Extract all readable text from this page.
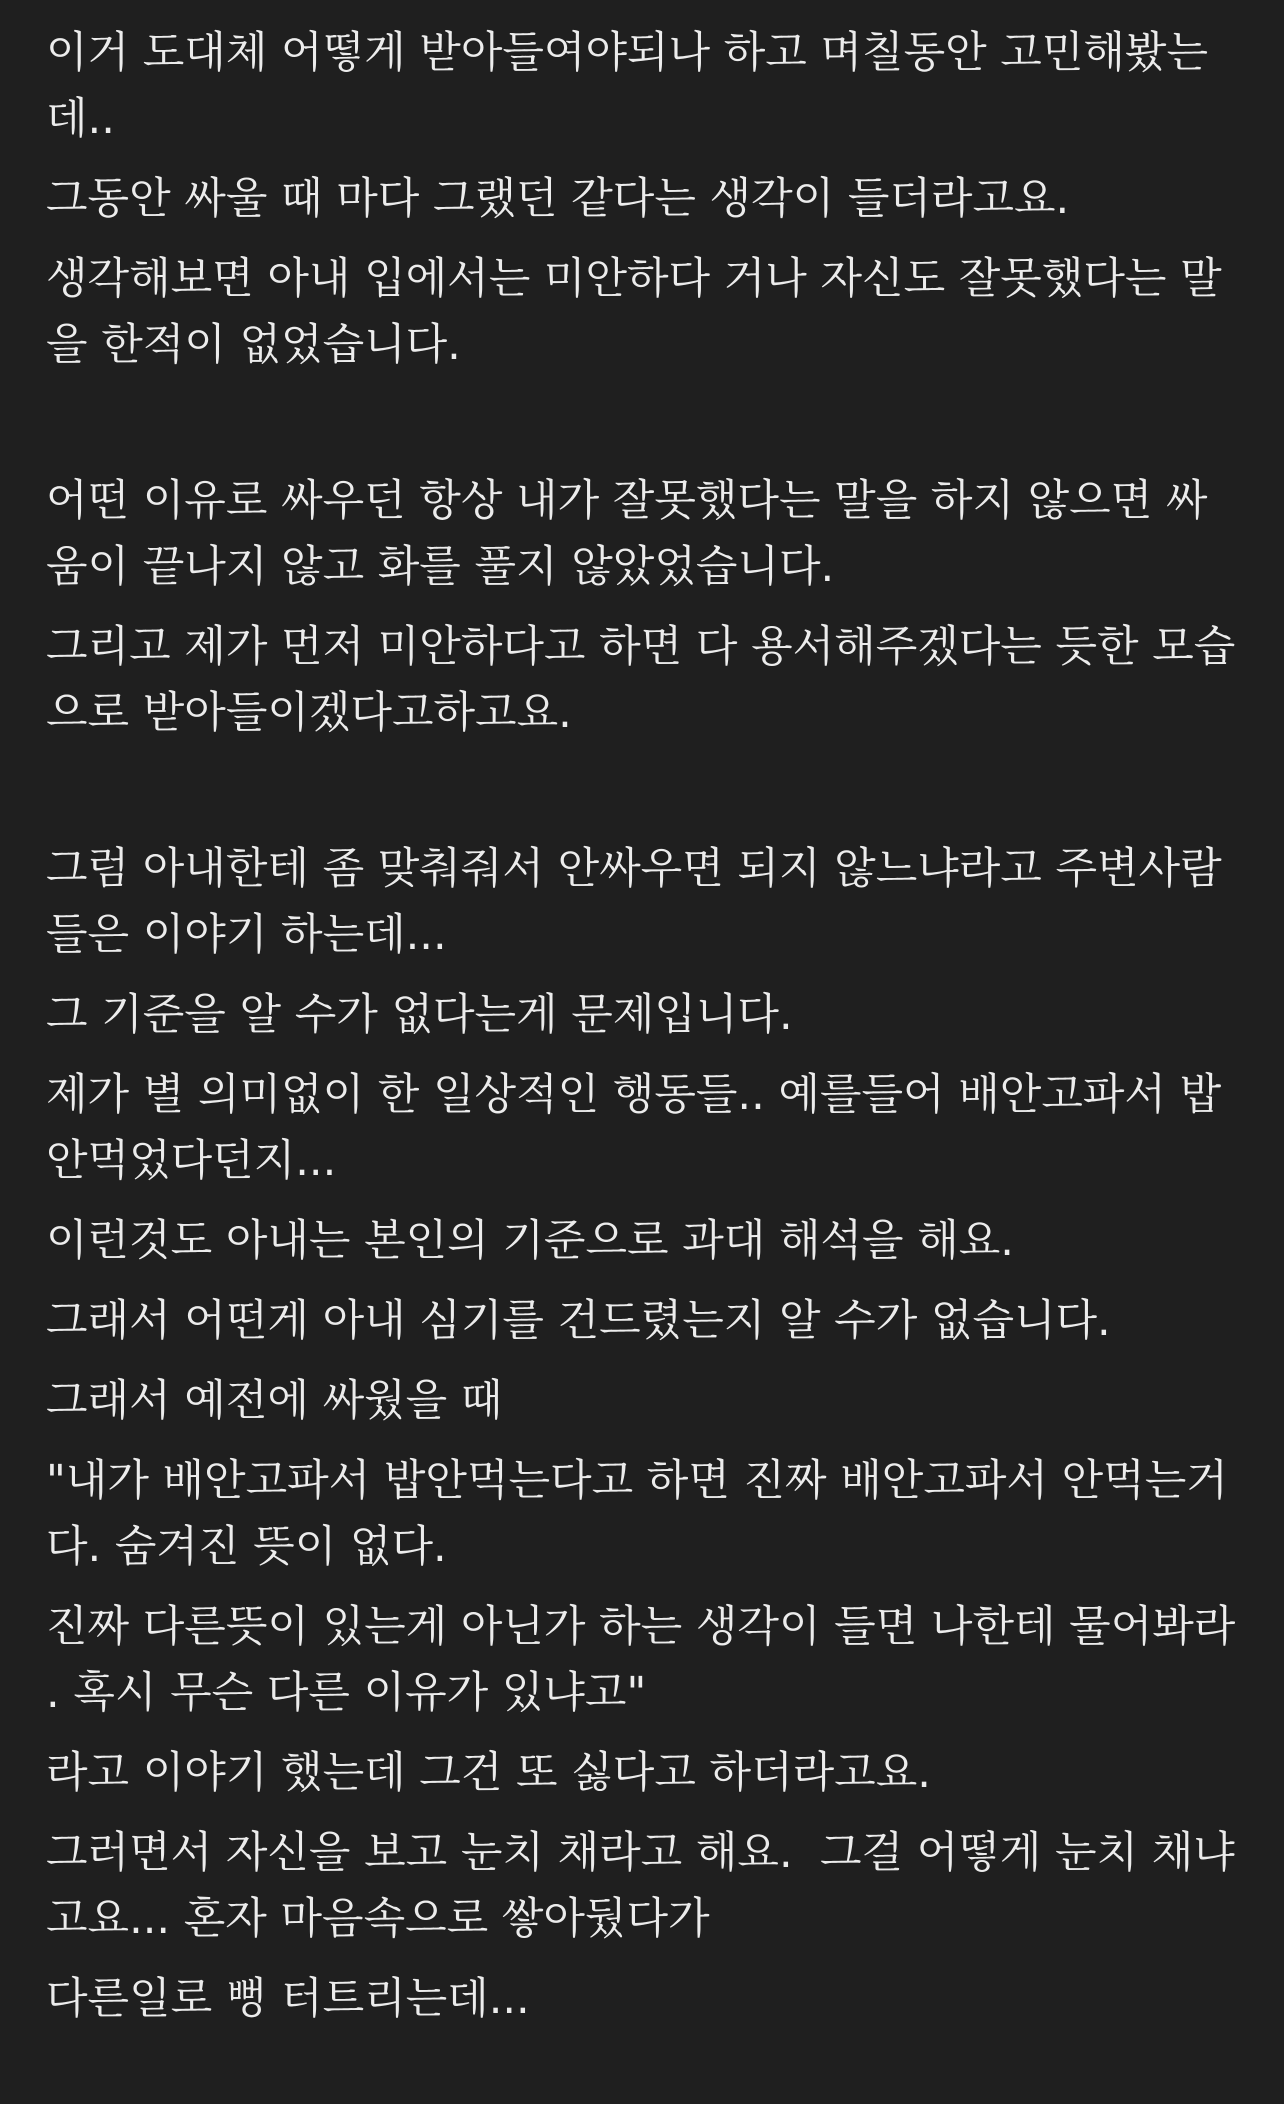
이거 도대체 어떻게 받아들여야되나 하고 며칠동안 고민해봤는
데..

그동안 싸울 때 마다 그랬던 같다는 생각이 들더라고요.

생각해보면 아내 입에서는 미안하다 거나 자신도 잘못했다는 말
을 한적이 없었습니다.

어떤 이유로 싸우던 항상 내가 잘못했다는 말을 하지 않으면 싸
움이 끝나지 않고 화를 풀지 않았었습니다.

그리고 제가 먼저 미안하다고 하면 다 용서해주겠다는 듯한 모습
으로 받아들이겠다고하고요.

그럼 아내한테 좀 맞춰줘서 안싸우면 되지 않느냐라고 주변사람
들은 이야기 하는데...

그 기준을 알 수가 없다는게 문제입니다.

제가 별 의미없이 한 일상적인 행동들.. 예를들어 배안고파서 밥
안먹었다던지...

이런것도 아내는 본인의 기준으로 과대 해석을 해요.

그래서 어떤게 아내 심기를 건드렸는지 알 수가 없습니다.

그래서 예전에 싸웠을 때

"내가 배안고파서 밥안먹는다고 하면 진짜 배안고파서 안먹는거
다. 숨겨진 뜻이 없다.

진짜 다른뜻이 있는게 아닌가 하는 생각이 들면 나한테 물어봐라
. 혹시 무슨 다른 이유가 있냐고"

라고 이야기 했는데 그건 또 싫다고 하더라고요.

그러면서 자신을 보고 눈치 채라고 해요.  그걸 어떻게 눈치 채냐
고요... 혼자 마음속으로 쌓아뒀다가

다른일로 뻥 터트리는데...
